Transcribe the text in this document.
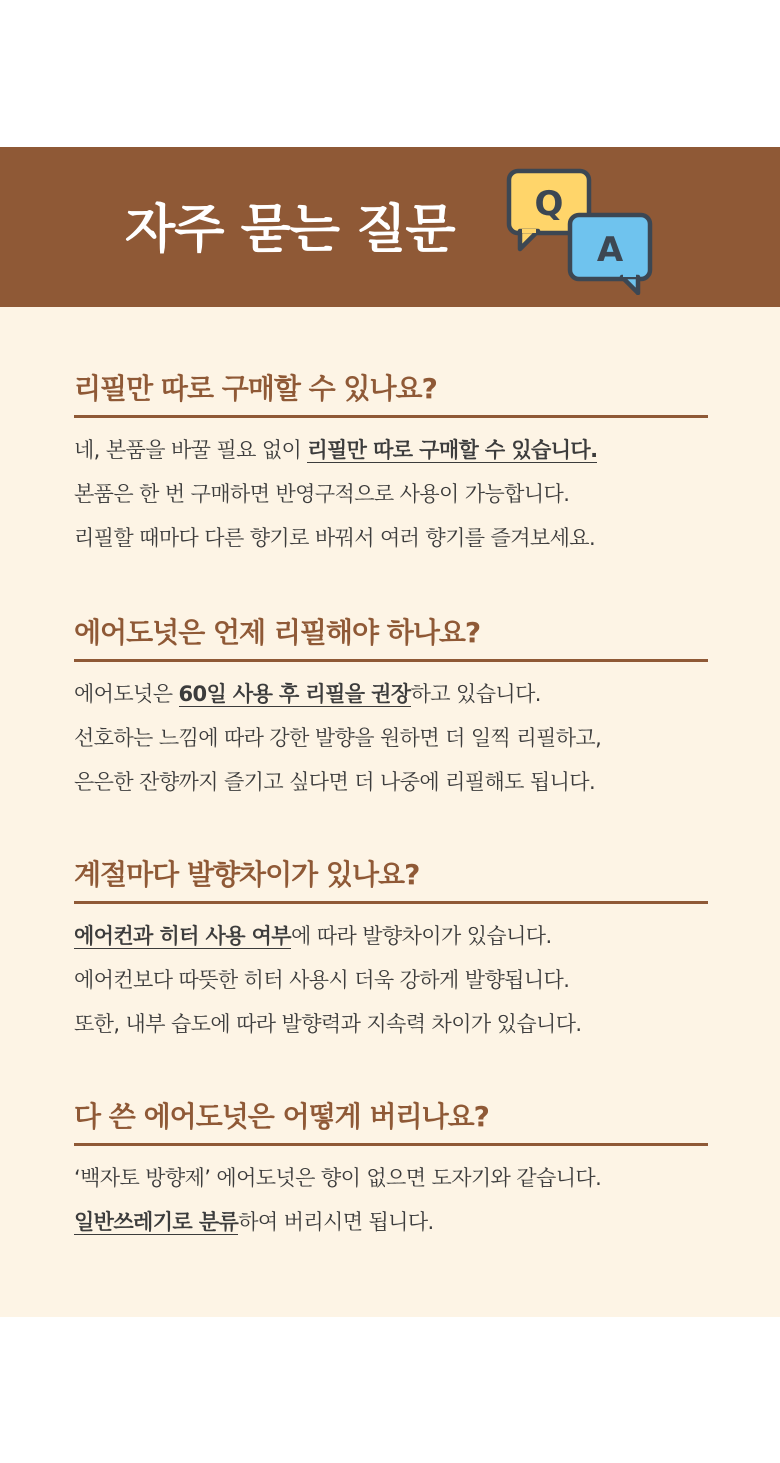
자주 묻는 질문 Q
A
리필만 따로 구매할 수 있나요?
네, 본품을 바꿀 필요 없이 리필만 따로 구매할 수 있습니다.
본품은 한 번 구매하면 반영구적으로 사용이 가능합니다.
리필할 때마다 다른 향기로 바꿔서 여러 향기를 즐겨보세요.
에어도넛은 언제 리필해야 하나요?
에어도넛은 60일 사용 후 리필을 권장하고 있습니다.
선호하는 느낌에 따라 강한 발향을 원하면 더 일찍 리필하고,
은은한 잔향까지 즐기고 싶다면 더 나중에 리필해도 됩니다.
계절마다 발향차이가 있나요?
에어컨과 히터 사용 여부에 따라 발향차이가 있습니다.
에어컨보다 따뜻한 히터 사용시 더욱 강하게 발향됩니다.
또한, 내부 습도에 따라 발향력과 지속력 차이가 있습니다.
다 쓴 에어도넛은 어떻게 버리나요?
‘백자토 방향제’ 에어도넛은 향이 없으면 도자기와 같습니다.
일반쓰레기로 분류하여 버리시면 됩니다.
